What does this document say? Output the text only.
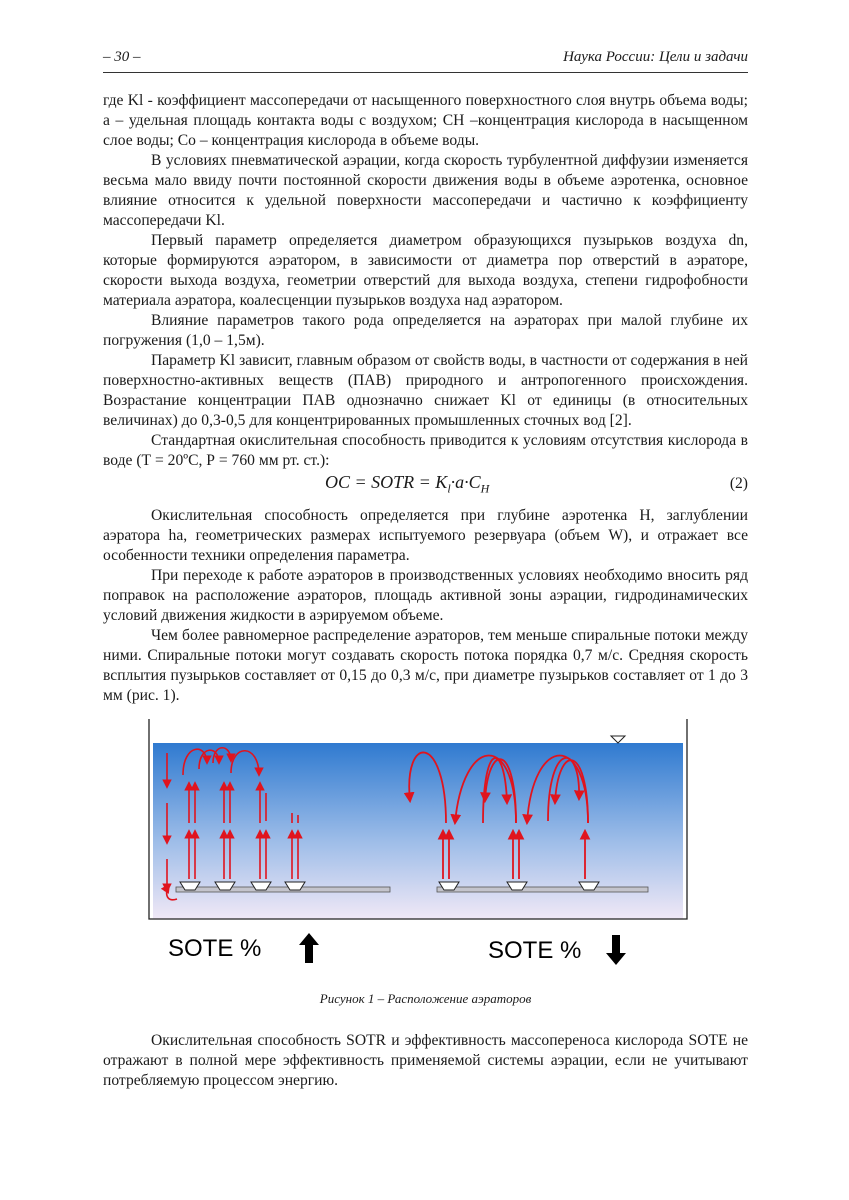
– 30 –	Наука России: Цели и задачи

где Kl - коэффициент массопередачи от насыщенного поверхностного слоя внутрь объема воды; а – удельная площадь контакта воды с воздухом; СН –концентрация кислорода в насыщенном слое воды; Со – концентрация кислорода в объеме воды.

В условиях пневматической аэрации, когда скорость турбулентной диффузии изменяется весьма мало ввиду почти постоянной скорости движения воды в объеме аэротенка, основное влияние относится к удельной поверхности массопередачи и частично к коэффициенту массопередачи Kl.

Первый параметр определяется диаметром образующихся пузырьков воздуха dn, которые формируются аэратором, в зависимости от диаметра пор отверстий в аэраторе, скорости выхода воздуха, геометрии отверстий для выхода воздуха, степени гидрофобности материала аэратора, коалесценции пузырьков воздуха над аэратором.

Влияние параметров такого рода определяется на аэраторах при малой глубине их погружения (1,0 – 1,5м).

Параметр Kl зависит, главным образом от свойств воды, в частности от содержания в ней поверхностно-активных веществ (ПАВ) природного и антропогенного происхождения. Возрастание концентрации ПАВ однозначно снижает Kl от единицы (в относительных величинах) до 0,3-0,5 для концентрированных промышленных сточных вод [2].

Стандартная окислительная способность приводится к условиям отсутствия кислорода в воде (Т = 20ºС, Р = 760 мм рт. ст.):

OC = SOTR = $K_l\cdot a\cdot C_H$	(2)

Окислительная способность определяется при глубине аэротенка Н, заглублении аэратора hа, геометрических размерах испытуемого резервуара (объем W), и отражает все особенности техники определения параметра.

При переходе к работе аэраторов в производственных условиях необходимо вносить ряд поправок на расположение аэраторов, площадь активной зоны аэрации, гидродинамических условий движения жидкости в аэрируемом объеме.

Чем более равномерное распределение аэраторов, тем меньше спиральные потоки между ними. Спиральные потоки могут создавать скорость потока порядка 0,7 м/с. Средняя скорость всплытия пузырьков составляет от 0,15 до 0,3 м/с, при диаметре пузырьков составляет от 1 до 3 мм (рис. 1).

SOTE %	SOTE %
Рисунок 1 – Расположение аэраторов

Окислительная способность SOTR и эффективность массопереноса кислорода SOTE не отражают в полной мере эффективность применяемой системы аэрации, если не учитывают потребляемую процессом энергию.
